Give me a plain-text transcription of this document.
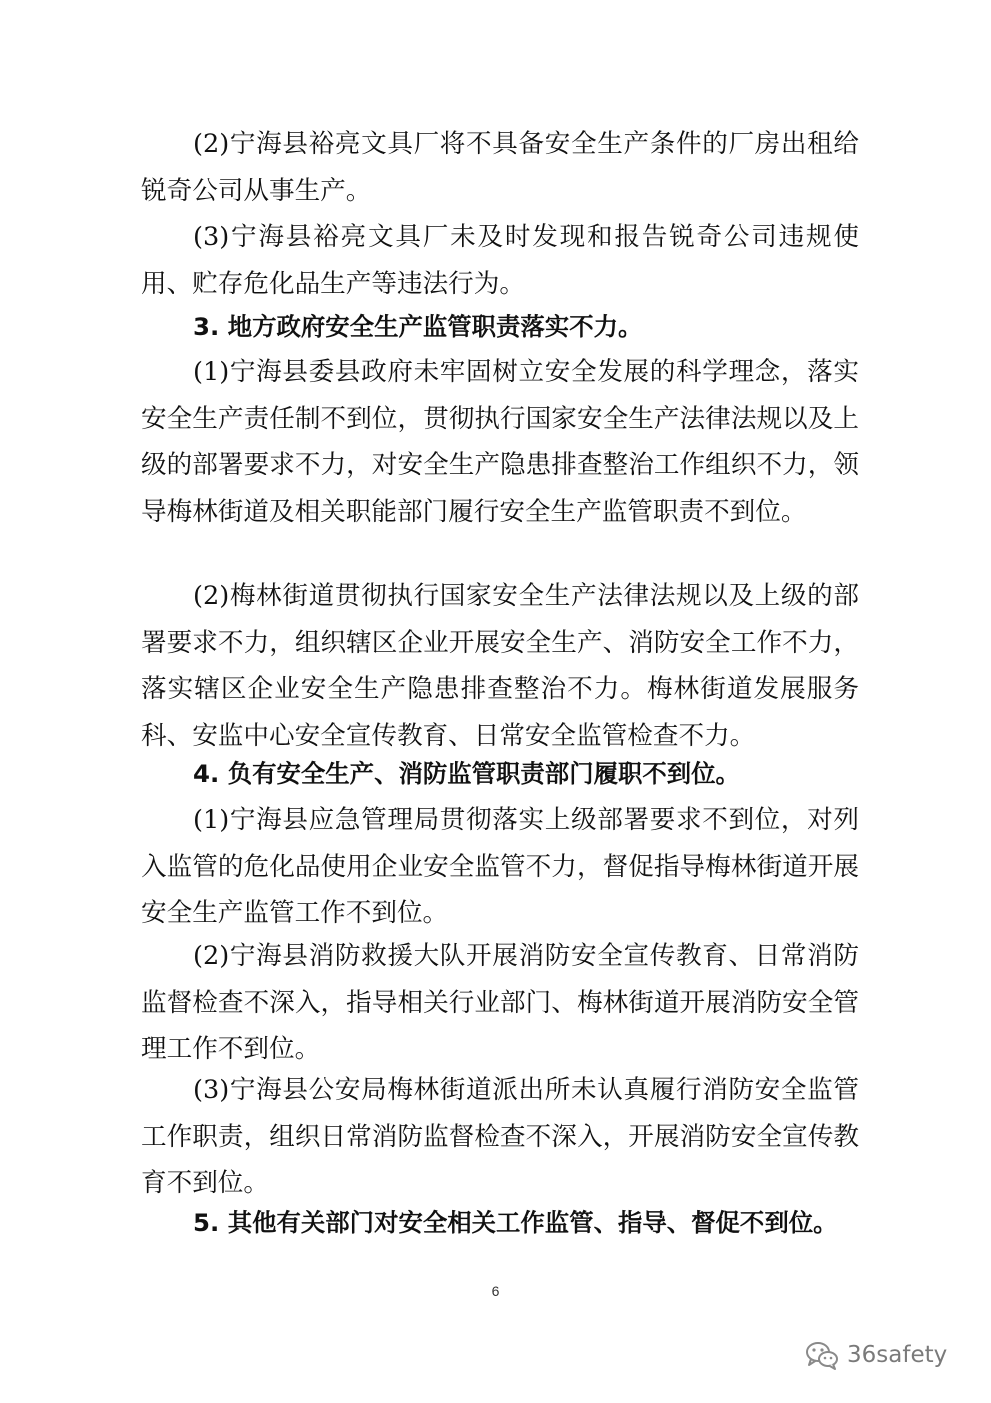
(2)宁海县裕亮文具厂将不具备安全生产条件的厂房出租给锐奇公司从事生产。

(3)宁海县裕亮文具厂未及时发现和报告锐奇公司违规使用、贮存危化品生产等违法行为。

3. 地方政府安全生产监管职责落实不力。

(1)宁海县委县政府未牢固树立安全发展的科学理念，落实安全生产责任制不到位，贯彻执行国家安全生产法律法规以及上级的部署要求不力，对安全生产隐患排查整治工作组织不力，领导梅林街道及相关职能部门履行安全生产监管职责不到位。

(2)梅林街道贯彻执行国家安全生产法律法规以及上级的部署要求不力，组织辖区企业开展安全生产、消防安全工作不力，落实辖区企业安全生产隐患排查整治不力。梅林街道发展服务科、安监中心安全宣传教育、日常安全监管检查不力。

4. 负有安全生产、消防监管职责部门履职不到位。

(1)宁海县应急管理局贯彻落实上级部署要求不到位，对列入监管的危化品使用企业安全监管不力，督促指导梅林街道开展安全生产监管工作不到位。

(2)宁海县消防救援大队开展消防安全宣传教育、日常消防监督检查不深入，指导相关行业部门、梅林街道开展消防安全管理工作不到位。

(3)宁海县公安局梅林街道派出所未认真履行消防安全监管工作职责，组织日常消防监督检查不深入，开展消防安全宣传教育不到位。

5. 其他有关部门对安全相关工作监管、指导、督促不到位。

6
36safety
